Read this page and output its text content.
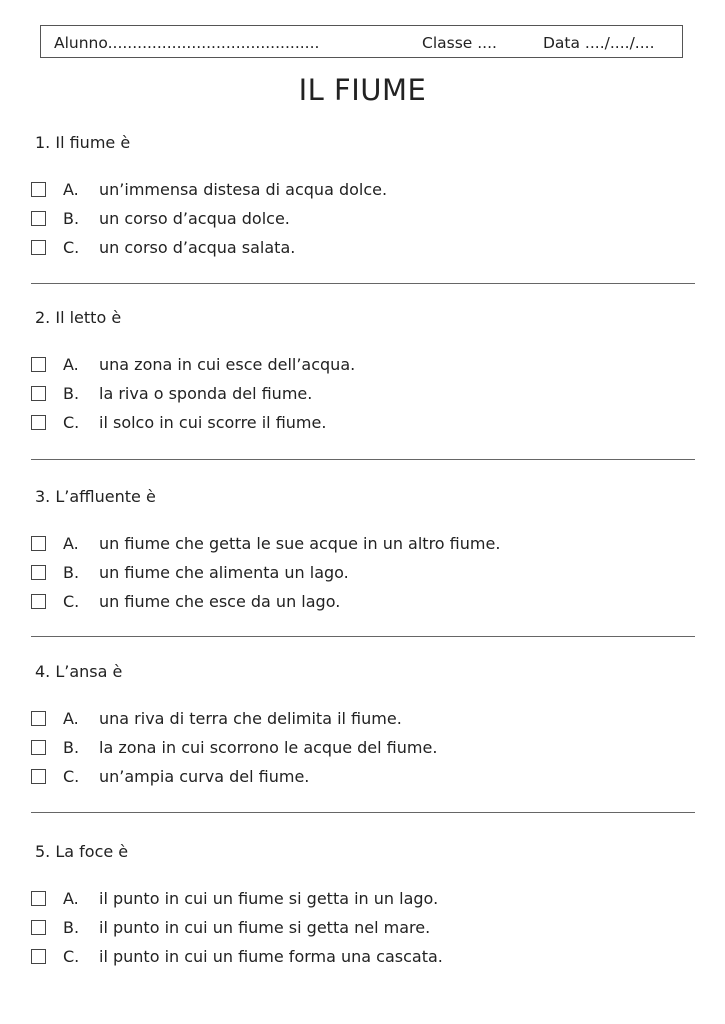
Alunno...........................................	Classe ....	Data ..../..../....
IL FIUME
1. Il fiume è
A. un’immensa distesa di acqua dolce.
B. un corso d’acqua dolce.
C. un corso d’acqua salata.
2. Il letto è
A. una zona in cui esce dell’acqua.
B. la riva o sponda del fiume.
C. il solco in cui scorre il fiume.
3. L’affluente è
A. un fiume che getta le sue acque in un altro fiume.
B. un fiume che alimenta un lago.
C. un fiume che esce da un lago.
4. L’ansa è
A. una riva di terra che delimita il fiume.
B. la zona in cui scorrono le acque del fiume.
C. un’ampia curva del fiume.
5. La foce è
A. il punto in cui un fiume si getta in un lago.
B. il punto in cui un fiume si getta nel mare.
C. il punto in cui un fiume forma una cascata.
